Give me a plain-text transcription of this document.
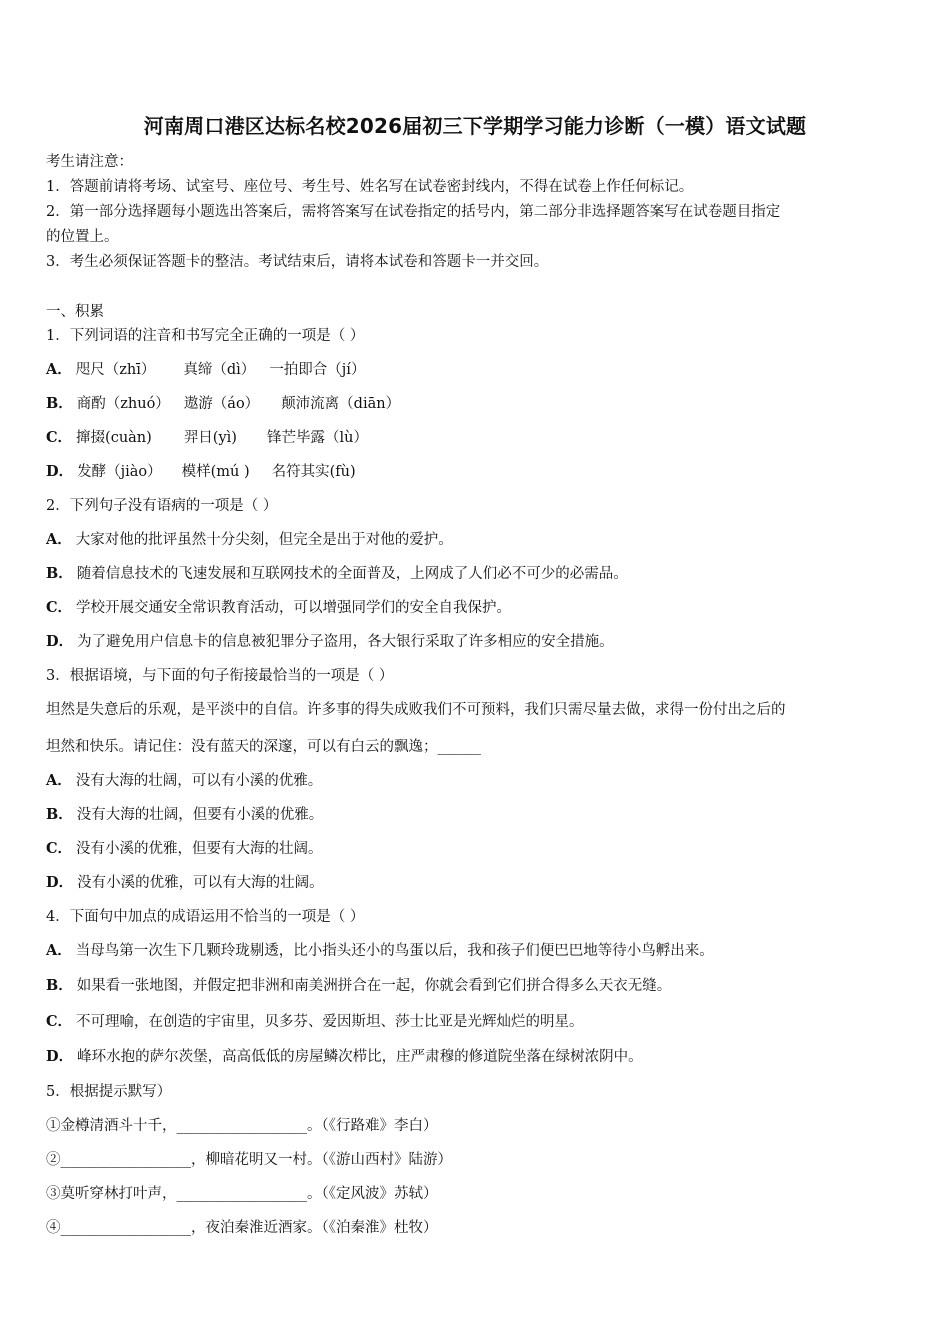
河南周口港区达标名校2026届初三下学期学习能力诊断（一模）语文试题
考生请注意：
1．答题前请将考场、试室号、座位号、考生号、姓名写在试卷密封线内，不得在试卷上作任何标记。
2．第一部分选择题每小题选出答案后，需将答案写在试卷指定的括号内，第二部分非选择题答案写在试卷题目指定
的位置上。
3．考生必须保证答题卡的整洁。考试结束后，请将本试卷和答题卡一并交回。
一、积累
1．下列词语的注音和书写完全正确的一项是（ ）
A． 咫尺（zhī） 真缔（dì） 一拍即合（jí）
B． 商酌（zhuó） 遨游（áo） 颠沛流离（diān）
C． 撺掇(cuàn) 羿日(yì) 锋芒毕露（lù）
D． 发酵（jiào） 模样(mú ) 名符其实(fù)
2．下列句子没有语病的一项是（ ）
A． 大家对他的批评虽然十分尖刻，但完全是出于对他的爱护。
B． 随着信息技术的飞速发展和互联网技术的全面普及，上网成了人们必不可少的必需品。
C． 学校开展交通安全常识教育活动，可以增强同学们的安全自我保护。
D． 为了避免用户信息卡的信息被犯罪分子盗用，各大银行采取了许多相应的安全措施。
3．根据语境，与下面的句子衔接最恰当的一项是（ ）
坦然是失意后的乐观，是平淡中的自信。许多事的得失成败我们不可预料，我们只需尽量去做，求得一份付出之后的
坦然和快乐。请记住：没有蓝天的深邃，可以有白云的飘逸；______
A． 没有大海的壮阔，可以有小溪的优雅。
B． 没有大海的壮阔，但要有小溪的优雅。
C． 没有小溪的优雅，但要有大海的壮阔。
D． 没有小溪的优雅，可以有大海的壮阔。
4．下面句中加点的成语运用不恰当的一项是（ ）
A． 当母鸟第一次生下几颗玲珑剔透，比小指头还小的鸟蛋以后，我和孩子们便巴巴地等待小鸟孵出来。
B． 如果看一张地图，并假定把非洲和南美洲拼合在一起，你就会看到它们拼合得多么天衣无缝。
C． 不可理喻，在创造的宇宙里，贝多芬、爱因斯坦、莎士比亚是光辉灿烂的明星。
D． 峰环水抱的萨尔茨堡，高高低低的房屋鳞次栉比，庄严肃穆的修道院坐落在绿树浓阴中。
5．根据提示默写）
①金樽清酒斗十千，__________________。（《行路难》李白）
②__________________，柳暗花明又一村。（《游山西村》陆游）
③莫听穿林打叶声，__________________。（《定风波》苏轼）
④__________________，夜泊秦淮近酒家。（《泊秦淮》杜牧）
